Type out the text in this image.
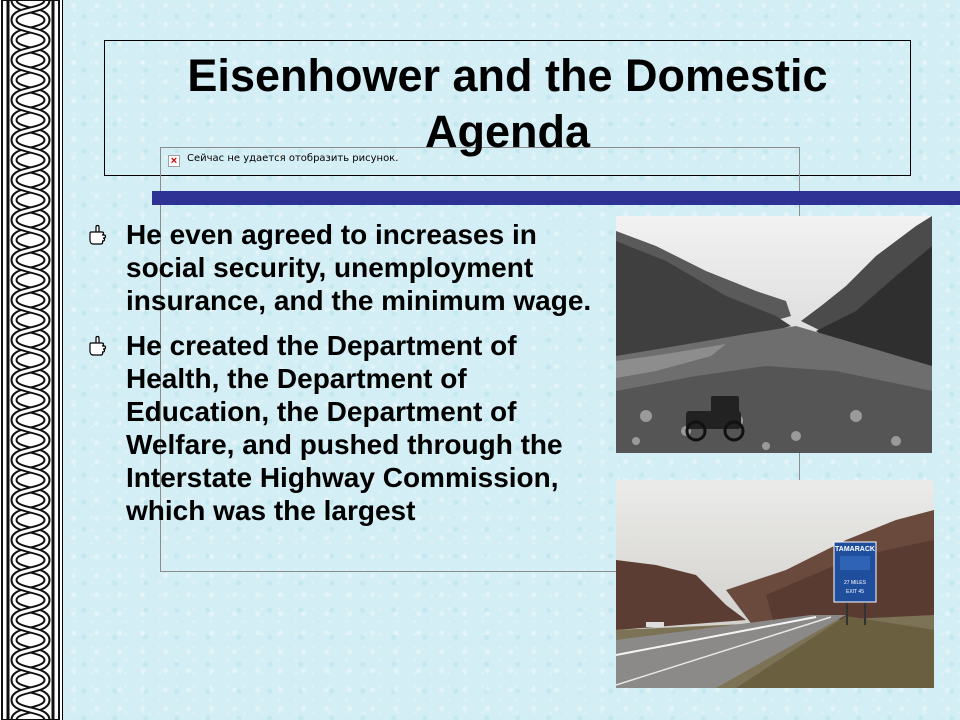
× Сейчас не удается отобразить рисунок.
Eisenhower and the Domestic Agenda
He even agreed to increases in social security, unemployment insurance, and the minimum wage.
He created the Department of Health, the Department of Education, the Department of Welfare, and pushed through the Interstate Highway Commission, which was the largest
TAMARACK
27 MILES
EXIT 45
